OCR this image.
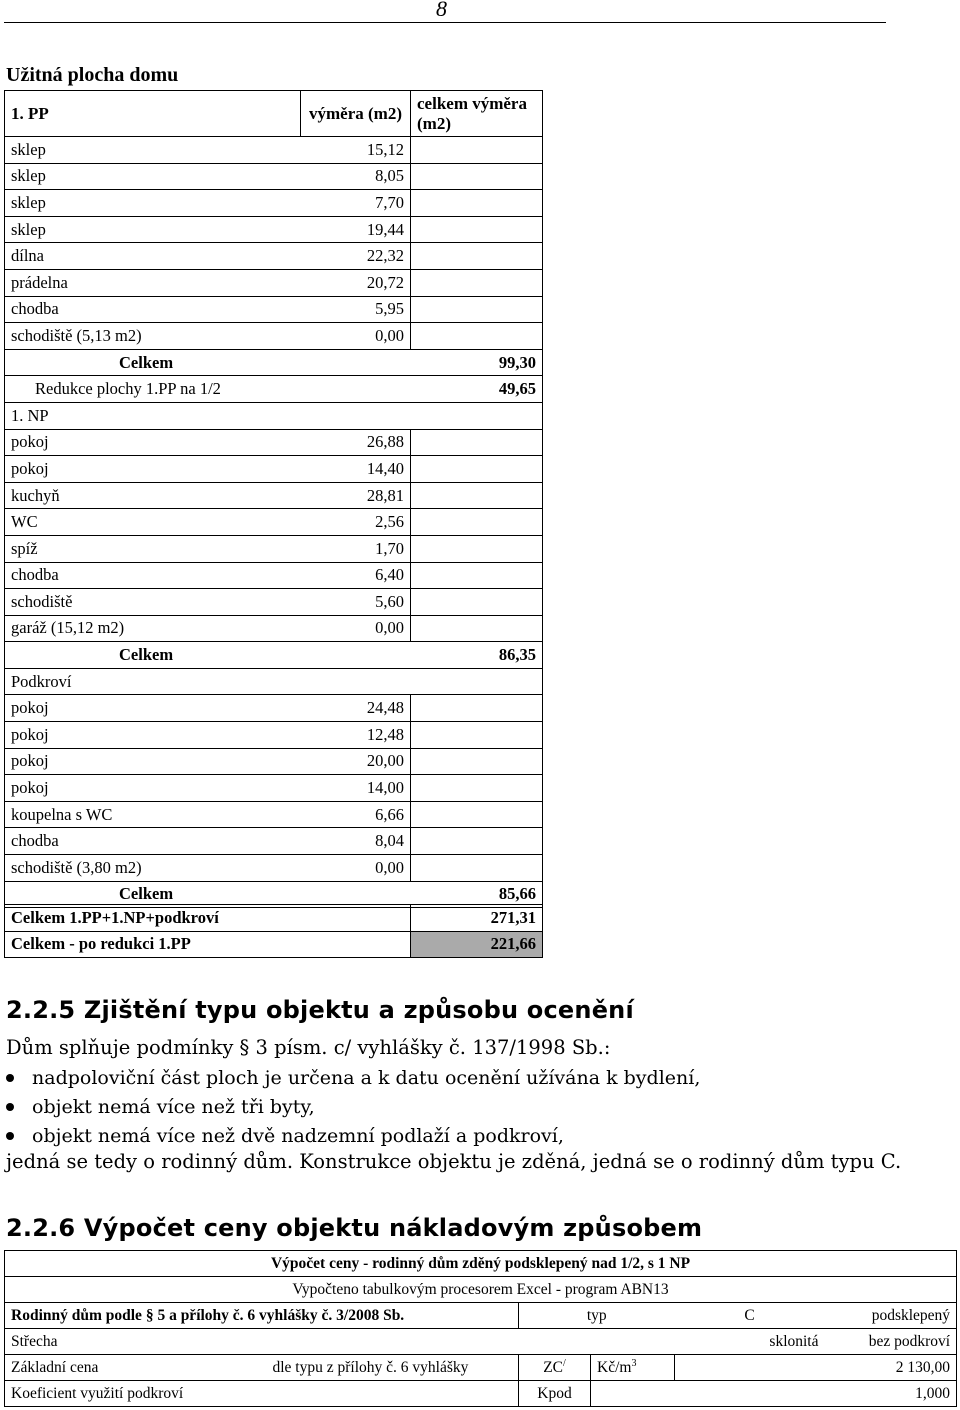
8
Užitná plocha domu
1. PP	výměra (m2)	celkem výměra (m2)
sklep	15,12	
sklep	8,05	
sklep	7,70	
sklep	19,44	
dílna	22,32	
prádelna	20,72	
chodba	5,95	
schodiště (5,13 m2)	0,00	
Celkem		99,30
Redukce plochy 1.PP na 1/2		49,65
1. NP		
pokoj	26,88	
pokoj	14,40	
kuchyň	28,81	
WC	2,56	
spíž	1,70	
chodba	6,40	
schodiště	5,60	
garáž (15,12 m2)	0,00	
Celkem		86,35
Podkroví		
pokoj	24,48	
pokoj	12,48	
pokoj	20,00	
pokoj	14,00	
koupelna s WC	6,66	
chodba	8,04	
schodiště (3,80 m2)	0,00	
Celkem		85,66
Celkem 1.PP+1.NP+podkroví	271,31
Celkem - po redukci 1.PP	221,66
2.2.5 Zjištění typu objektu a způsobu ocenění
Dům splňuje podmínky § 3 písm. c/ vyhlášky č. 137/1998 Sb.:
nadpoloviční část ploch je určena a k datu ocenění užívána k bydlení,
objekt nemá více než tři byty,
objekt nemá více než dvě nadzemní podlaží a podkroví,
jedná se tedy o rodinný dům. Konstrukce objektu je zděná, jedná se o rodinný dům typu C.
2.2.6 Výpočet ceny objektu nákladovým způsobem
Výpočet ceny - rodinný dům zděný podsklepený nad 1/2, s 1 NP					
Vypočteno tabulkovým procesorem Excel - program ABN13					
Rodinný dům podle § 5 a přílohy č. 6 vyhlášky č. 3/2008 Sb.		typ		C	podsklepený
Střecha				sklonitá	bez podkroví
Základní cena	dle typu z přílohy č. 6 vyhlášky	ZC/	$Kč/m^3$		2 130,00
Koeficient využití podkroví		Kpod			1,000
